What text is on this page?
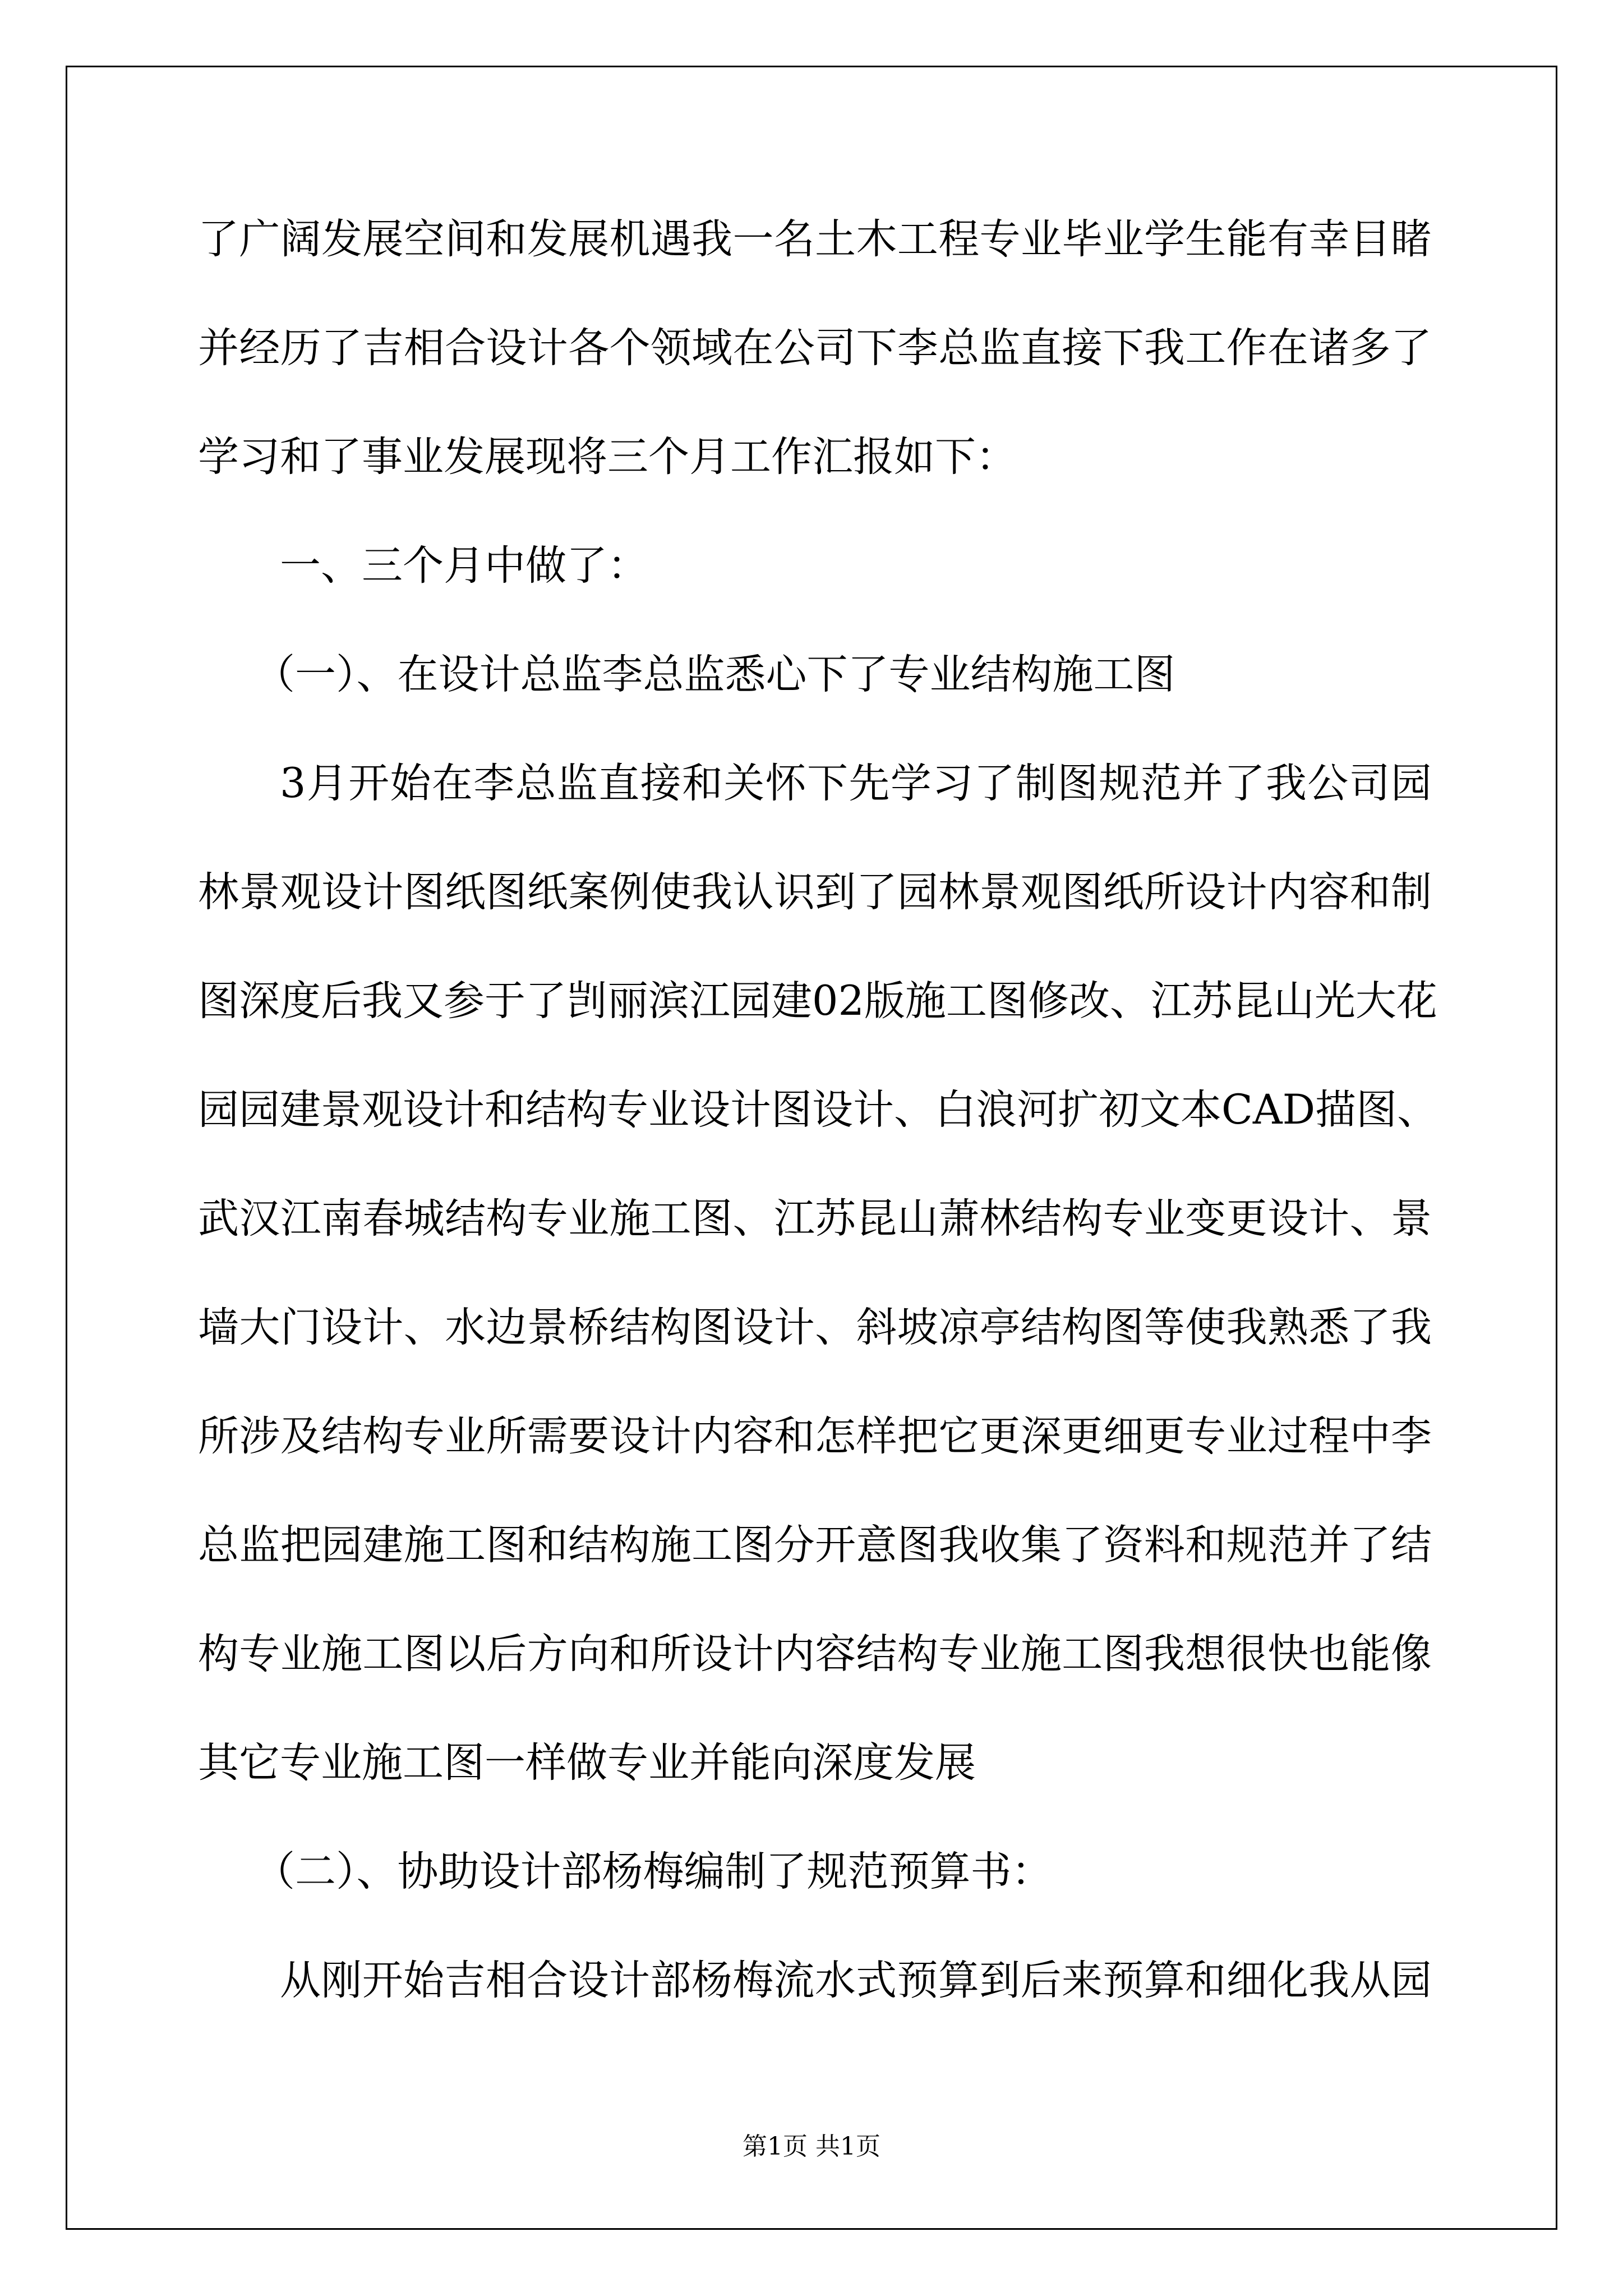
了广阔发展空间和发展机遇我一名土木工程专业毕业学生能有幸目睹
并经历了吉相合设计各个领域在公司下李总监直接下我工作在诸多了
学习和了事业发展现将三个月工作汇报如下：
一、三个月中做了：
（一）、在设计总监李总监悉心下了专业结构施工图
3月开始在李总监直接和关怀下先学习了制图规范并了我公司园
林景观设计图纸图纸案例使我认识到了园林景观图纸所设计内容和制
图深度后我又参于了剀丽滨江园建02版施工图修改、江苏昆山光大花
园园建景观设计和结构专业设计图设计、白浪河扩初文本CAD描图、
武汉江南春城结构专业施工图、江苏昆山萧林结构专业变更设计、景
墙大门设计、水边景桥结构图设计、斜坡凉亭结构图等使我熟悉了我
所涉及结构专业所需要设计内容和怎样把它更深更细更专业过程中李
总监把园建施工图和结构施工图分开意图我收集了资料和规范并了结
构专业施工图以后方向和所设计内容结构专业施工图我想很快也能像
其它专业施工图一样做专业并能向深度发展
（二）、协助设计部杨梅编制了规范预算书：
从刚开始吉相合设计部杨梅流水式预算到后来预算和细化我从园
第1页 共1页
